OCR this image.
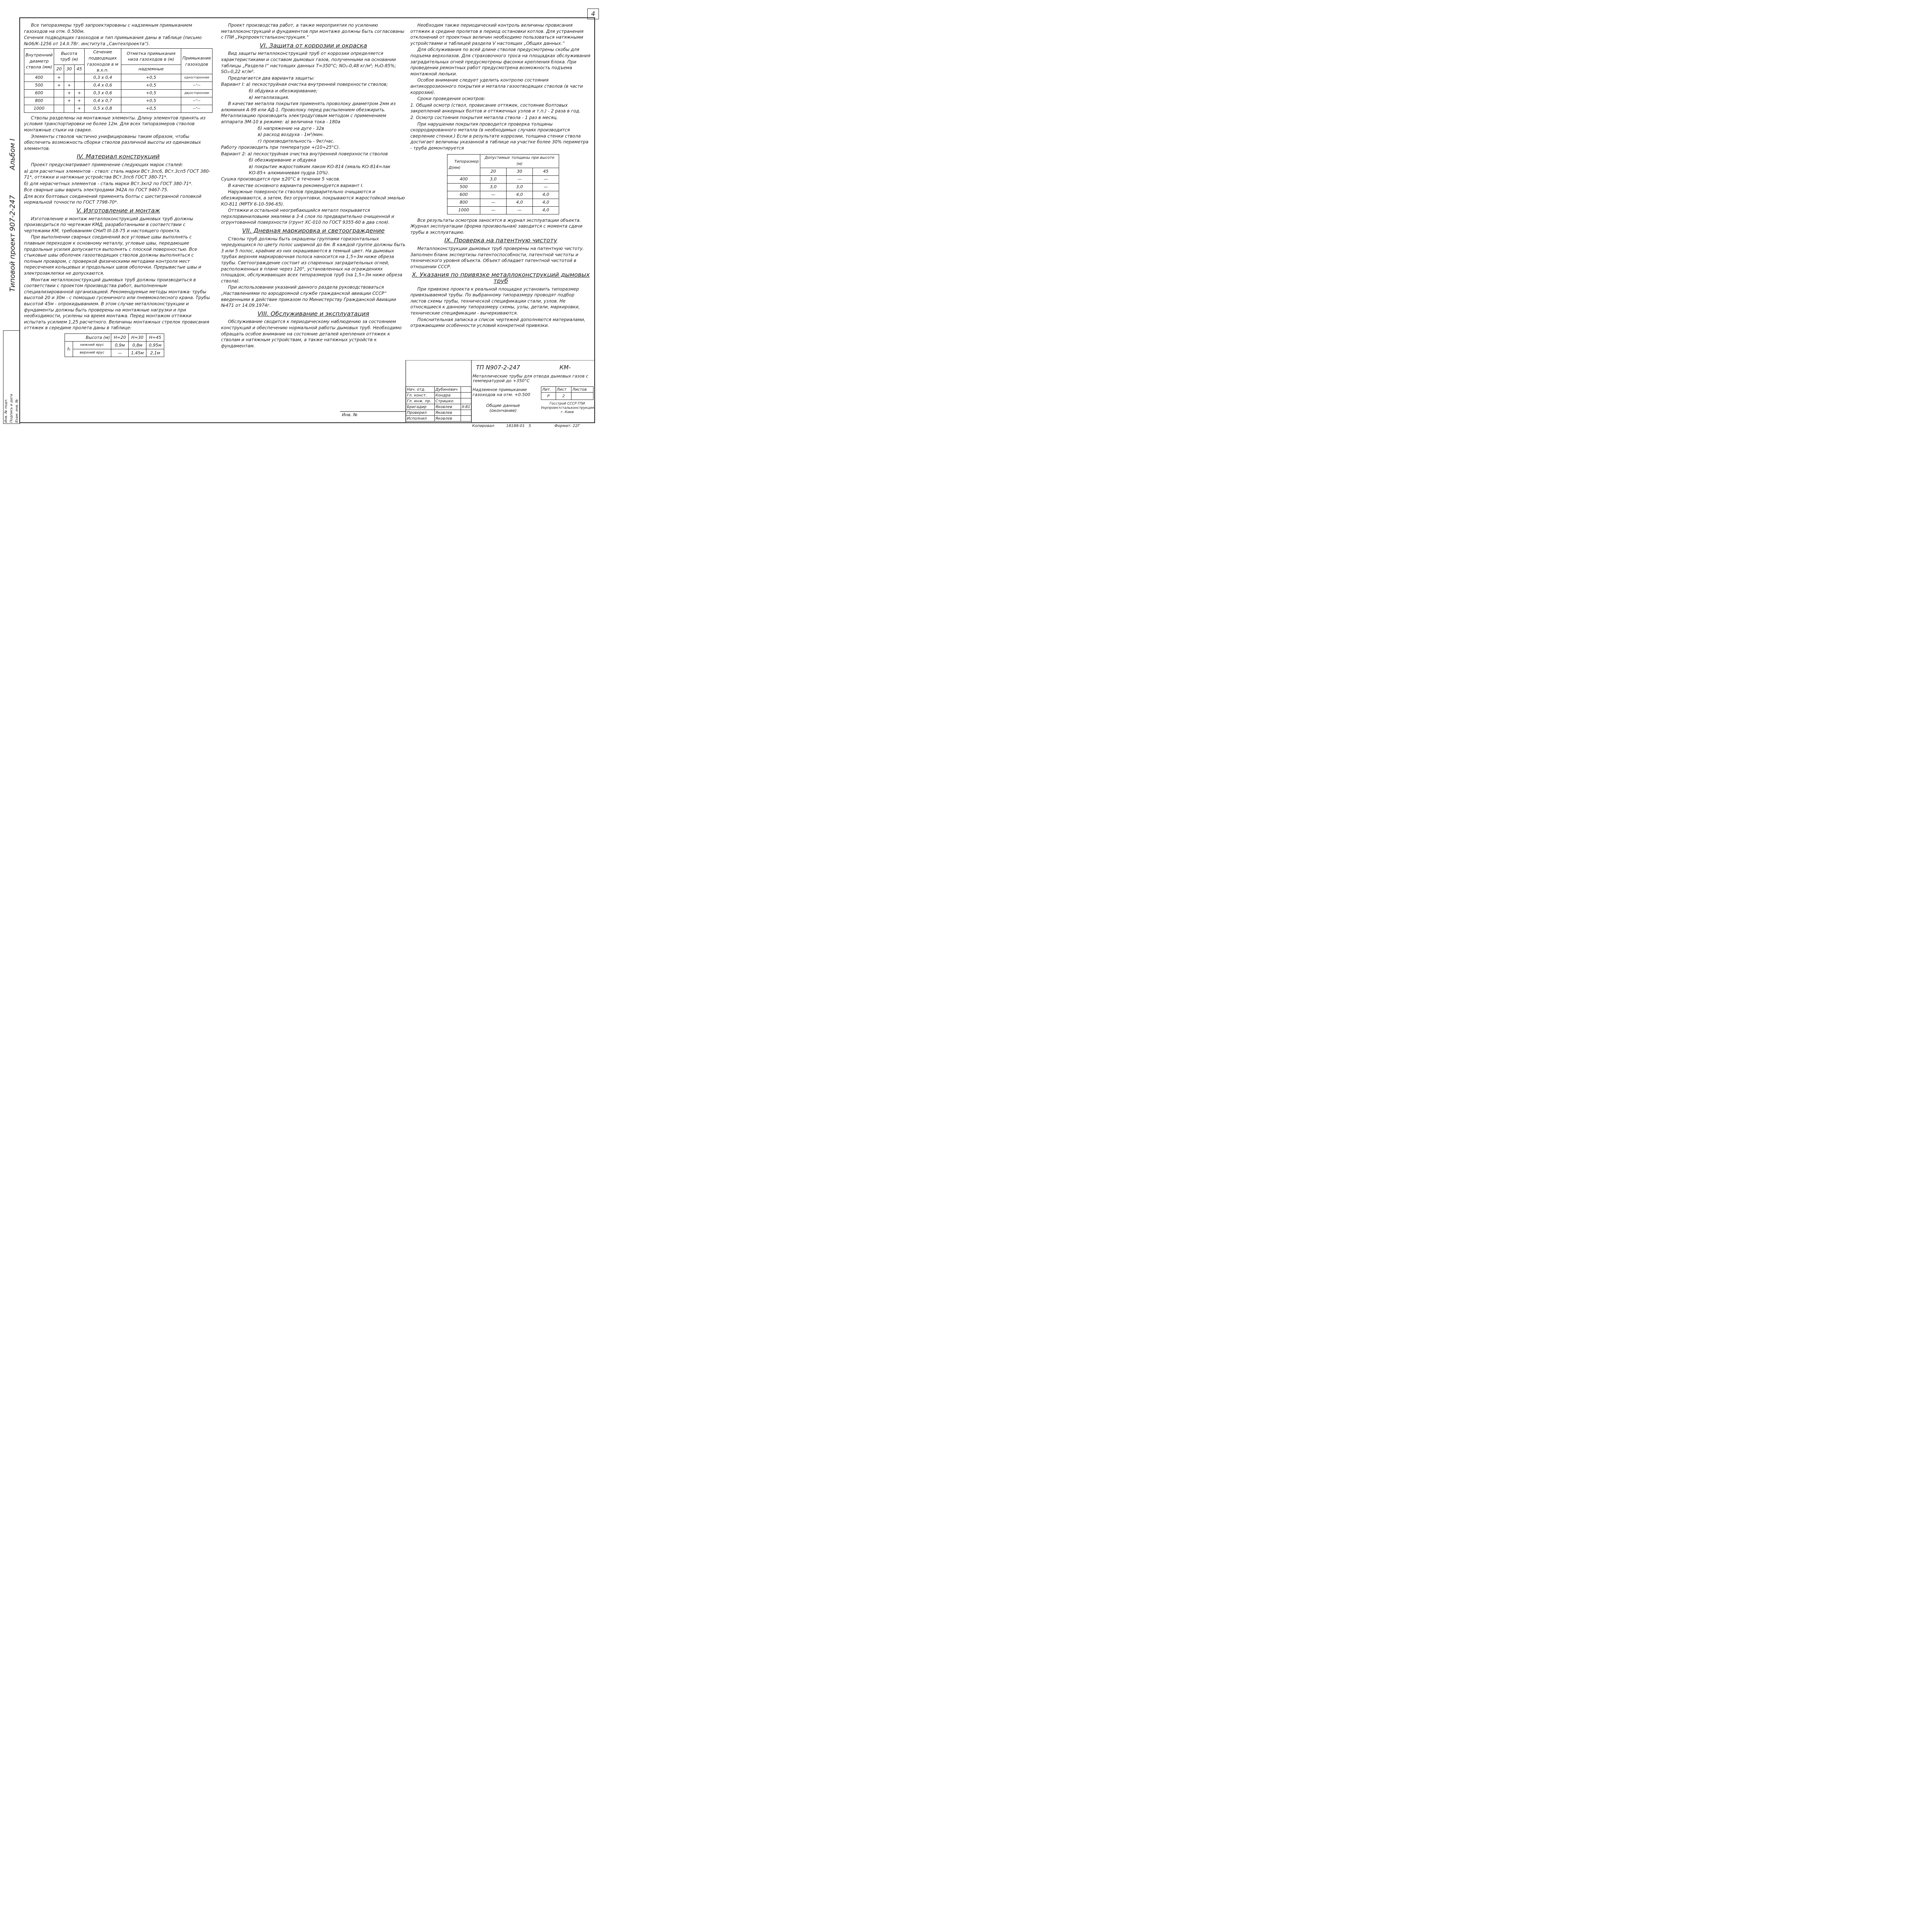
4
Типовой проект 907-2-247
Альбом I
Инв. № подл. Подпись и дата Взам. инв. №

Все типоразмеры труб запроектированы с надземным примыканием газоходов на отм. 0.500м.

Сечения подводящих газоходов и тип примыкания даны в таблице (письмо №06/К-1256 от 14.II.78г. института „Сантехпроекта“).

Внутренний диаметр ствола (мм)	Высота труб (м)			Сечение подводящих газоходов в м в.х.п.	Отметка примыкания низа газоходов в (м)	Примыкание газоходов
	20	30	45		надземные	
400	+			0,3 x 0,4	+0,5	одностороннее
500	+	+		0,4 x 0,6	+0,5	—"—
600		+	+	0,3 x 0,6	+0,5	двухстороннее
800		+	+	0,4 x 0,7	+0,5	—"—
1000			+	0,5 x 0,8	+0,5	—"—

Стволы разделены на монтажные элементы. Длину элементов принять из условия транспортировки не более 12м. Для всех типоразмеров стволов монтажные стыки на сварке.

Элементы стволов частично унифицированы таким образом, чтобы обеспечить возможность сборки стволов различной высоты из одинаковых элементов.

IV. Материал конструкций

Проект предусматривает применение следующих марок сталей:

а) для расчетных элементов - ствол: сталь марки ВСт.3пс6, ВСт.3сп5 ГОСТ 380-71*, оттяжки и натяжные устройства ВСт.3пс6 ГОСТ 380-71*.

б) для нерасчетных элементов - сталь марки ВСт.3кп2 по ГОСТ 380-71*.

Все сварные швы варить электродами Э42А по ГОСТ 9467-75.

Для всех болтовых соединений применять болты с шестигранной головкой нормальной точности по ГОСТ 7798-70*.

V. Изготовление и монтаж

Изготовление и монтаж металлоконструкций дымовых труб должны производиться по чертежам КМД, разработанными в соответствии с чертежами КМ, требованиям СНиП III-18-75 и настоящего проекта.

При выполнении сварных соединений все угловые швы выполнять с плавным переходом к основному металлу, угловые швы, передающие продольные усилия допускается выполнять с плоской поверхностью. Все стыковые швы оболочек газоотводящих стволов должны выполняться с полным проваром, с проверкой физическими методами контроля мест пересечения кольцевых и продольных швов оболочки. Прерывистые швы и электрозаклепки не допускаются.

Монтаж металлоконструкций дымовых труб должны производиться в соответствии с проектом производства работ, выполненным специализированной организацией. Рекомендуемые методы монтажа: трубы высотой 20 и 30м - с помощью гусеничного или пневмоколесного крана. Трубы высотой 45м - опрокидыванием. В этом случае металлоконструкции и фундаменты должны быть проверены на монтажные нагрузки и при необходимости, усилены на время монтажа. Перед монтажом оттяжки испытать усилием 1,25 расчетного. Величины монтажных стрелок провисания оттяжек в середине пролета даны в таблице:

Высота (м)		H=20	H=30	H=45
f₀	нижний ярус	0,9м	0,8м	0,95м
	верхний ярус	—	1,45м	2,1м

Проект производства работ, а также мероприятия по усилению металлоконструкций и фундаментов при монтаже должны быть согласованы с ГПИ „Укрпроектстальконструкция.“

VI. Защита от коррозии и окраска

Вид защиты металлоконструкций труб от коррозии определяется характеристиками и составом дымовых газов, полученными на основании таблицы „Раздела I“ настоящих данных T=350°С; NO₂-0,48 кг/м³; H₂O-85%; SO₂-0,22 кг/м³.

Предлагается два варианта защиты:

Вариант I: а) пескоструйная очистка внутренней поверхности стволов;

б) обдувка и обезжиривание;

в) металлизация.

В качестве металла покрытия применять проволоку диаметром 2мм из алюминия А-99 или АД-1. Проволоку перед распылением обезжирить. Металлизацию производить электродуговым методом с применением аппарата ЭМ-10 в режиме: а) величина тока - 180а

б) напряжение на дуге - 32в

в) расход воздуха - 1м³/мин.

г) производительность - 9кг/час.

Работу производить при температуре +(10÷25°С).

Вариант 2: а) пескоструйная очистка внутренней поверхности стволов

б) обезжиривание и обдувка

в) покрытие жаростойким лаком КО-814 (эмаль КО-814=лак КО-85+ алюминиевая пудра 10%).

Сушка производится при ±20°С в течении 5 часов.

В качестве основного варианта рекомендуется вариант I.

Наружные поверхности стволов предварительно очищаются и обезжириваются, а затем, без огрунтовки, покрываются жаростойкой эмалью КО-811 (МРТУ 6-10-596-65).

Оттяжки и остальной неогребающийся металл покрывается перхлорвиниловыми эмалями в 3-4 слоя по предварительно очищенной и огрунтованной поверхности (грунт ХС-010 по ГОСТ 9355-60 в два слоя).

VII. Дневная маркировка и светоограждение

Стволы труб должны быть окрашены группами горизонтальных чередующихся по цвету полос шириной до 6м. В каждой группе должны быть 3 или 5 полос, крайние из них окрашиваются в темный цвет. На дымовых трубах верхняя маркировочная полоса наносится на 1,5÷3м ниже обреза трубы. Светоограждение состоит из спаренных заградительных огней, расположенных в плане через 120°, установленных на ограждениях площадок, обслуживающих всех типоразмеров труб (на 1,5÷3м ниже обреза ствола).

При использовании указаний данного раздела руководствоваться „Наставлениями по аэродромной службе гражданской авиации СССР“ введенными в действие приказом по Министерству Гражданской Авиации №471 от 14.09.1974г.

VIII. Обслуживание и эксплуатация

Обслуживание сводится к периодическому наблюдению за состоянием конструкций и обеспечению нормальной работы дымовых труб. Необходимо обращать особое внимание на состояние деталей крепления оттяжек к стволам и натяжным устройствам, а также натяжных устройств к фундаментам.

Необходим также периодический контроль величины провисания оттяжек в средине пролетов в период остановки котлов. Для устранения отклонений от проектных величин необходимо пользоваться натяжными устройствами и таблицей раздела V настоящих „Общих данных.“

Для обслуживания по всей длине стволов предусмотрены скобы для подъема верхолазов. Для страховочного троса на площадках обслуживания заградительных огней предусмотрены фасонки крепления блока. При проведении ремонтных работ предусмотрена возможность подъема монтажной люльки.

Особое внимание следует уделить контролю состояния антикоррозионного покрытия и металла газоотводящих стволов (в части коррозии).

Сроки проведения осмотров:

1. Общий осмотр (ствол, провисание оттяжек, состояние болтовых закреплений анкерных болтов и оттяжечных узлов и т.п.) - 2 раза в год.

2. Осмотр состояния покрытия металла ствола - 1 раз в месяц.

При нарушении покрытия проводится проверка толщины скорродированного металла (в необходимых случаях производится сверление стенки.) Если в результате коррозии, толщина стенки ствола достигает величины указанной в таблице на участке более 30% периметра - труба демонтируется

Типоразмер
Д(мм)	Допустимые толщины при высоте (м)		
	20	30	45
400	3,0	—	—
500	3,0	3,0	—
600	—	4,0	4,0
800	—	4,0	4,0
1000	—	—	4,0

Все результаты осмотров заносятся в журнал эксплуатации объекта. Журнал эксплуатации (форма произвольная) заводится с момента сдачи трубы в эксплуатацию.

IX. Проверка на патентную чистоту

Металлоконструкции дымовых труб проверены на патентную чистоту. Заполнен бланк экспертизы патентоспособности, патентной чистоты и технического уровня объекта. Объект обладает патентной чистотой в отношении СССР.

X. Указания по привязке металлоконструкций дымовых труб

При привязке проекта к реальной площадке установить типоразмер привязываемой трубы. По выбранному типоразмеру проводят подбор листов схемы трубы, технической спецификации стали, узлов. Не относящиеся к данному типоразмеру схемы, узлы, детали, маркировки, технические спецификации - вычеркиваются.

Пояснительная записка и список чертежей дополняются материалами, отражающими особенности условий конкретной привязки.

Инв. №
Нач. отд.	Дубиневич	
Гл. конст.	Кондра	
Гл. инж. пр.	Страшко	
Бригадир	Яковлев	X-81
Проверил	Яковлев	
Исполнил	Яковлев	
ТП N907-2-247	КМ-
Металлические трубы для отвода дымовых газов с температурой до +350°С
Надземное примыкание газоходов на отм. +0.500
Общие данные (окончание)
Лит.	Лист	Листов
Р	2	
Госстрой СССР ГПИ Укрпроектстальконструкция г. Киев
Копировал	18188-01 5	Формат: 22Г
